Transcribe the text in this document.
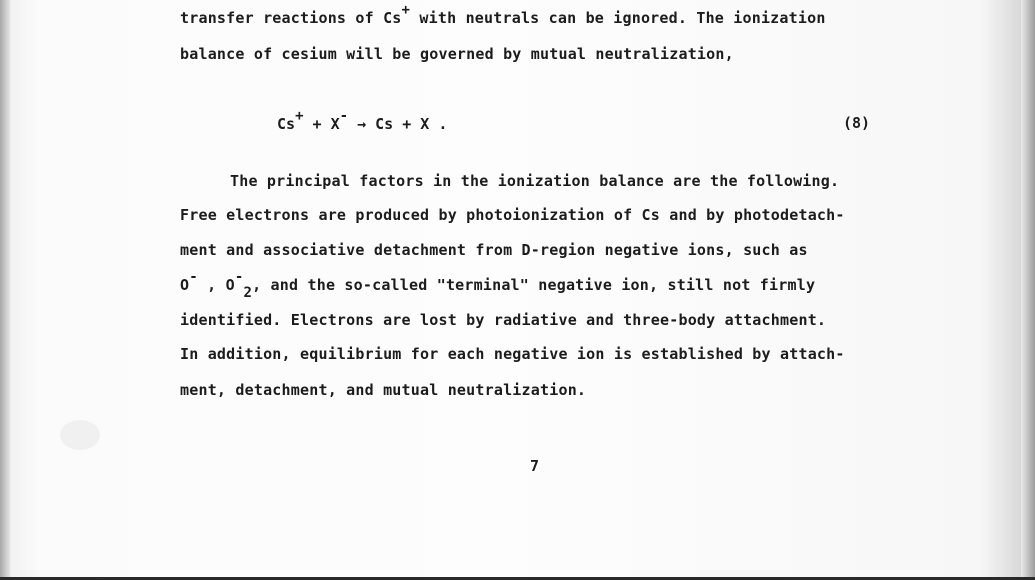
transfer reactions of Cs+ with neutrals can be ignored. The ionization
balance of cesium will be governed by mutual neutralization,
Cs+ + X- → Cs + X .	(8)
The principal factors in the ionization balance are the following.
Free electrons are produced by photoionization of Cs and by photodetach-
ment and associative detachment from D-region negative ions, such as
O- , O-2, and the so-called "terminal" negative ion, still not firmly
identified. Electrons are lost by radiative and three-body attachment.
In addition, equilibrium for each negative ion is established by attach-
ment, detachment, and mutual neutralization.
7
